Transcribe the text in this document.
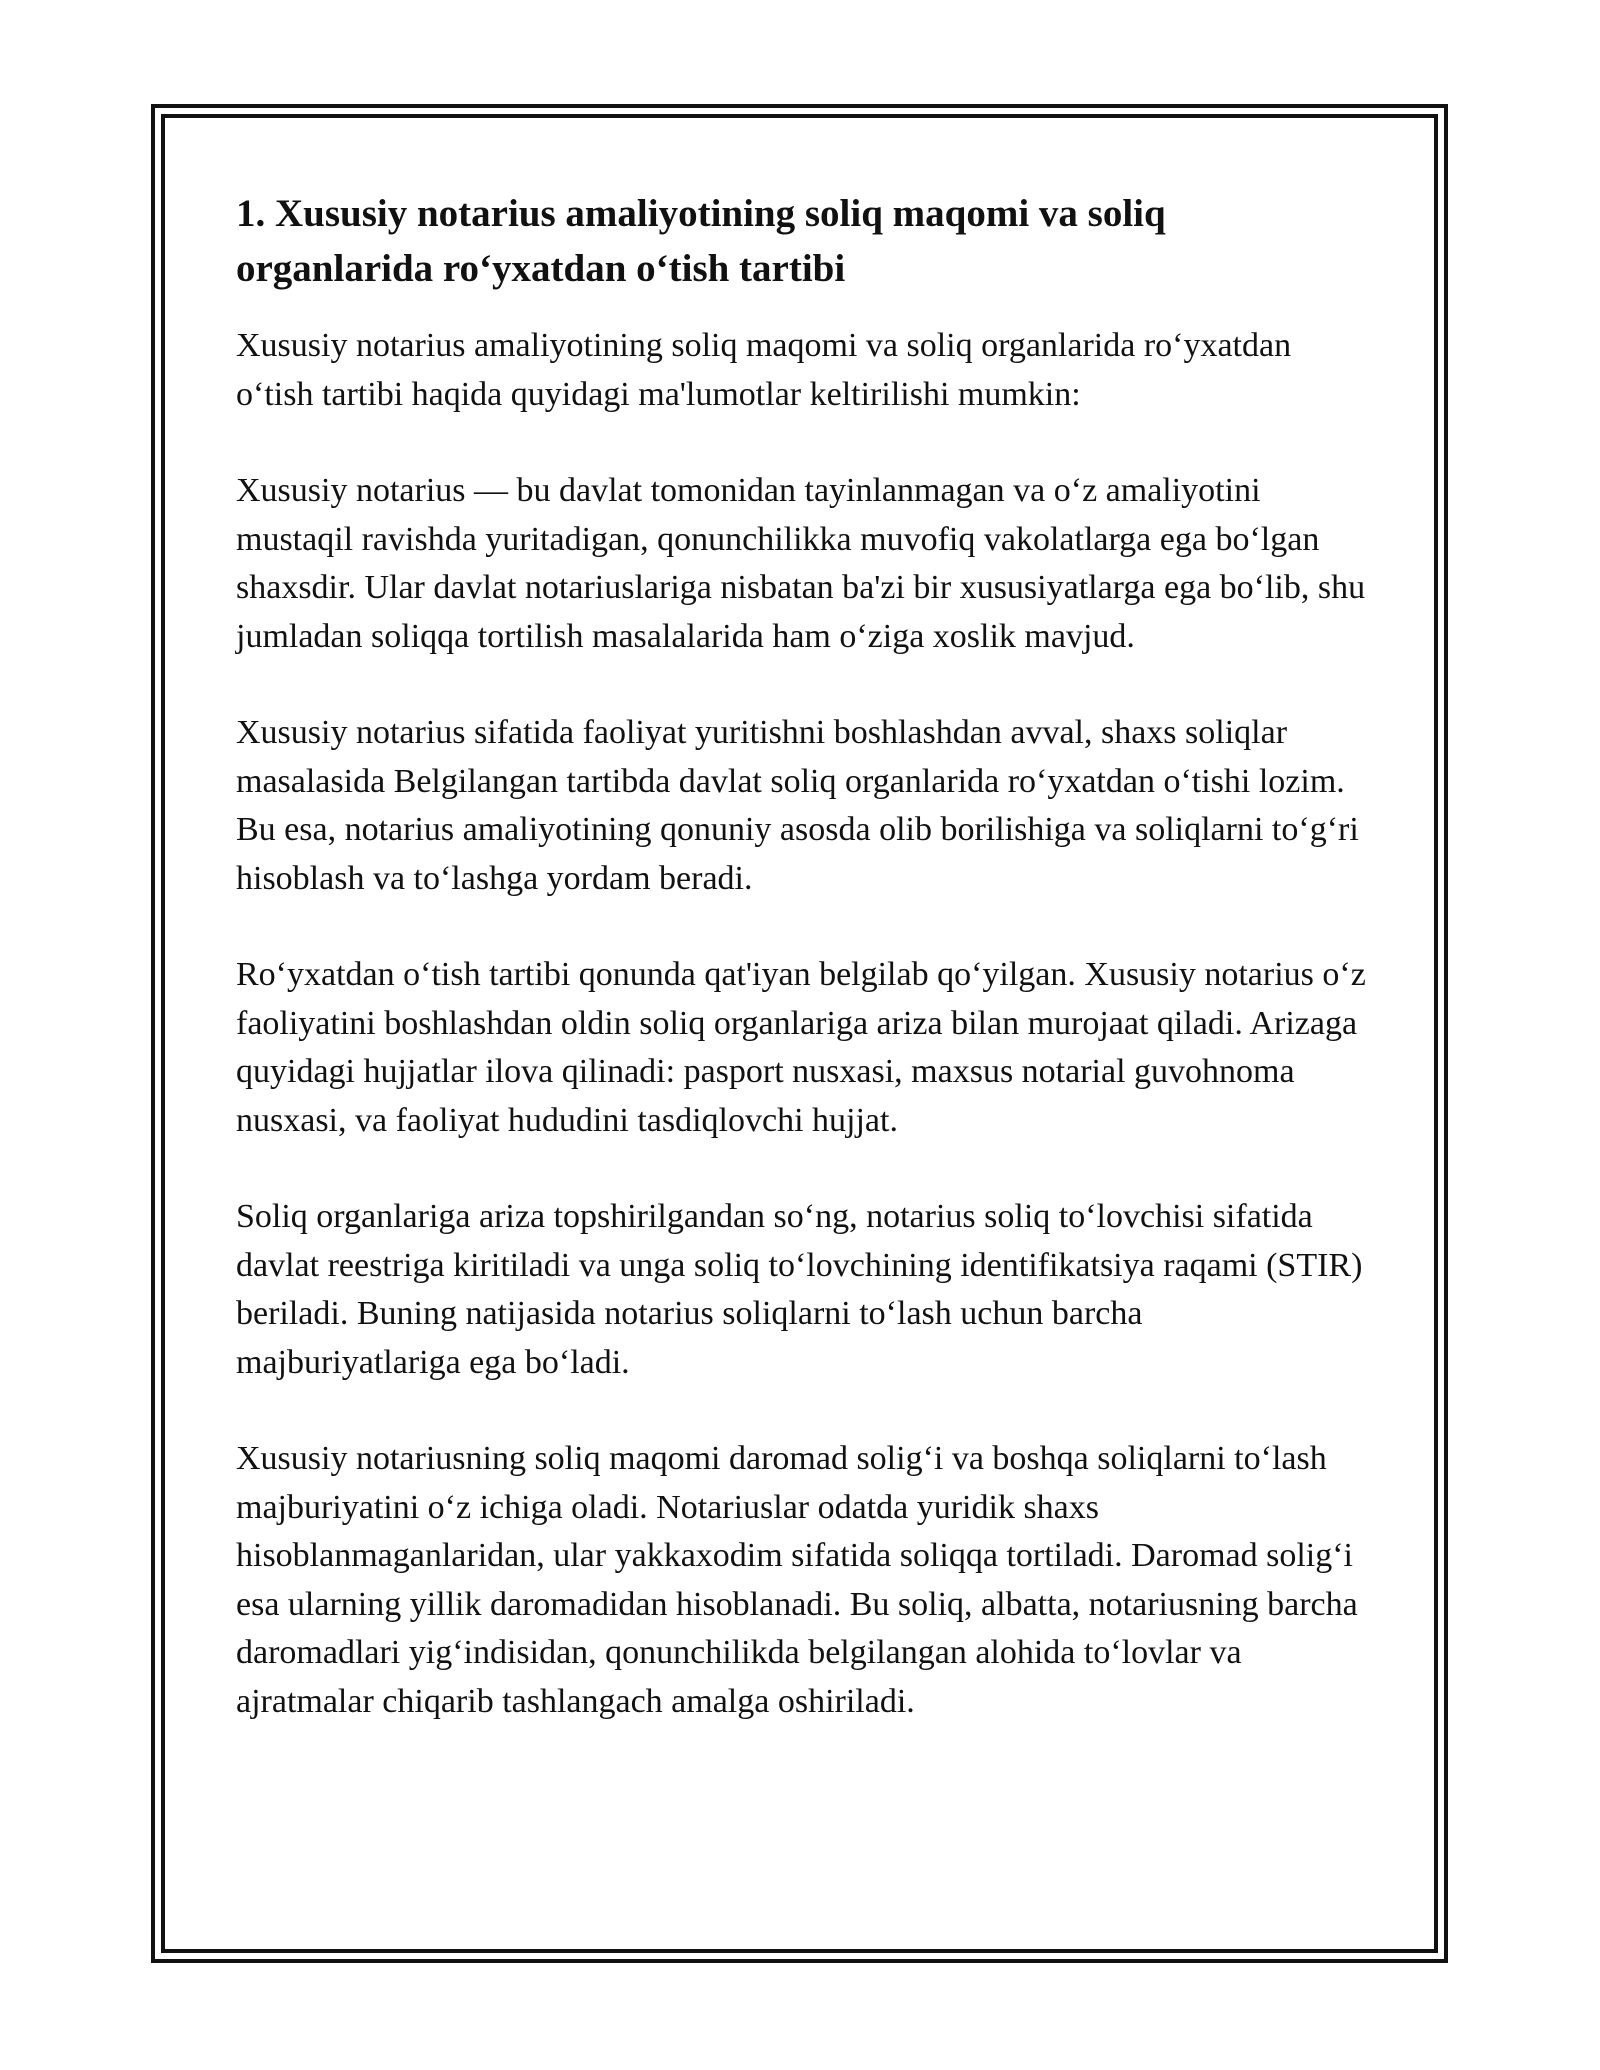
1. Xususiy notarius amaliyotining soliq maqomi va soliq organlarida roʻyxatdan oʻtish tartibi

Xususiy notarius amaliyotining soliq maqomi va soliq organlarida roʻyxatdan oʻtish tartibi haqida quyidagi ma'lumotlar keltirilishi mumkin:

Xususiy notarius — bu davlat tomonidan tayinlanmagan va oʻz amaliyotini mustaqil ravishda yuritadigan, qonunchilikka muvofiq vakolatlarga ega boʻlgan shaxsdir. Ular davlat notariuslariga nisbatan ba'zi bir xususiyatlarga ega boʻlib, shu jumladan soliqqa tortilish masalalarida ham oʻziga xoslik mavjud.

Xususiy notarius sifatida faoliyat yuritishni boshlashdan avval, shaxs soliqlar masalasida Belgilangan tartibda davlat soliq organlarida roʻyxatdan oʻtishi lozim. Bu esa, notarius amaliyotining qonuniy asosda olib borilishiga va soliqlarni toʻgʻri hisoblash va toʻlashga yordam beradi.

Roʻyxatdan oʻtish tartibi qonunda qat'iyan belgilab qoʻyilgan. Xususiy notarius oʻz faoliyatini boshlashdan oldin soliq organlariga ariza bilan murojaat qiladi. Arizaga quyidagi hujjatlar ilova qilinadi: pasport nusxasi, maxsus notarial guvohnoma nusxasi, va faoliyat hududini tasdiqlovchi hujjat.

Soliq organlariga ariza topshirilgandan soʻng, notarius soliq toʻlovchisi sifatida davlat reestriga kiritiladi va unga soliq toʻlovchining identifikatsiya raqami (STIR) beriladi. Buning natijasida notarius soliqlarni toʻlash uchun barcha majburiyatlariga ega boʻladi.

Xususiy notariusning soliq maqomi daromad soligʻi va boshqa soliqlarni toʻlash majburiyatini oʻz ichiga oladi. Notariuslar odatda yuridik shaxs hisoblanmaganlaridan, ular yakkaxodim sifatida soliqqa tortiladi. Daromad soligʻi esa ularning yillik daromadidan hisoblanadi. Bu soliq, albatta, notariusning barcha daromadlari yigʻindisidan, qonunchilikda belgilangan alohida toʻlovlar va ajratmalar chiqarib tashlangach amalga oshiriladi.
